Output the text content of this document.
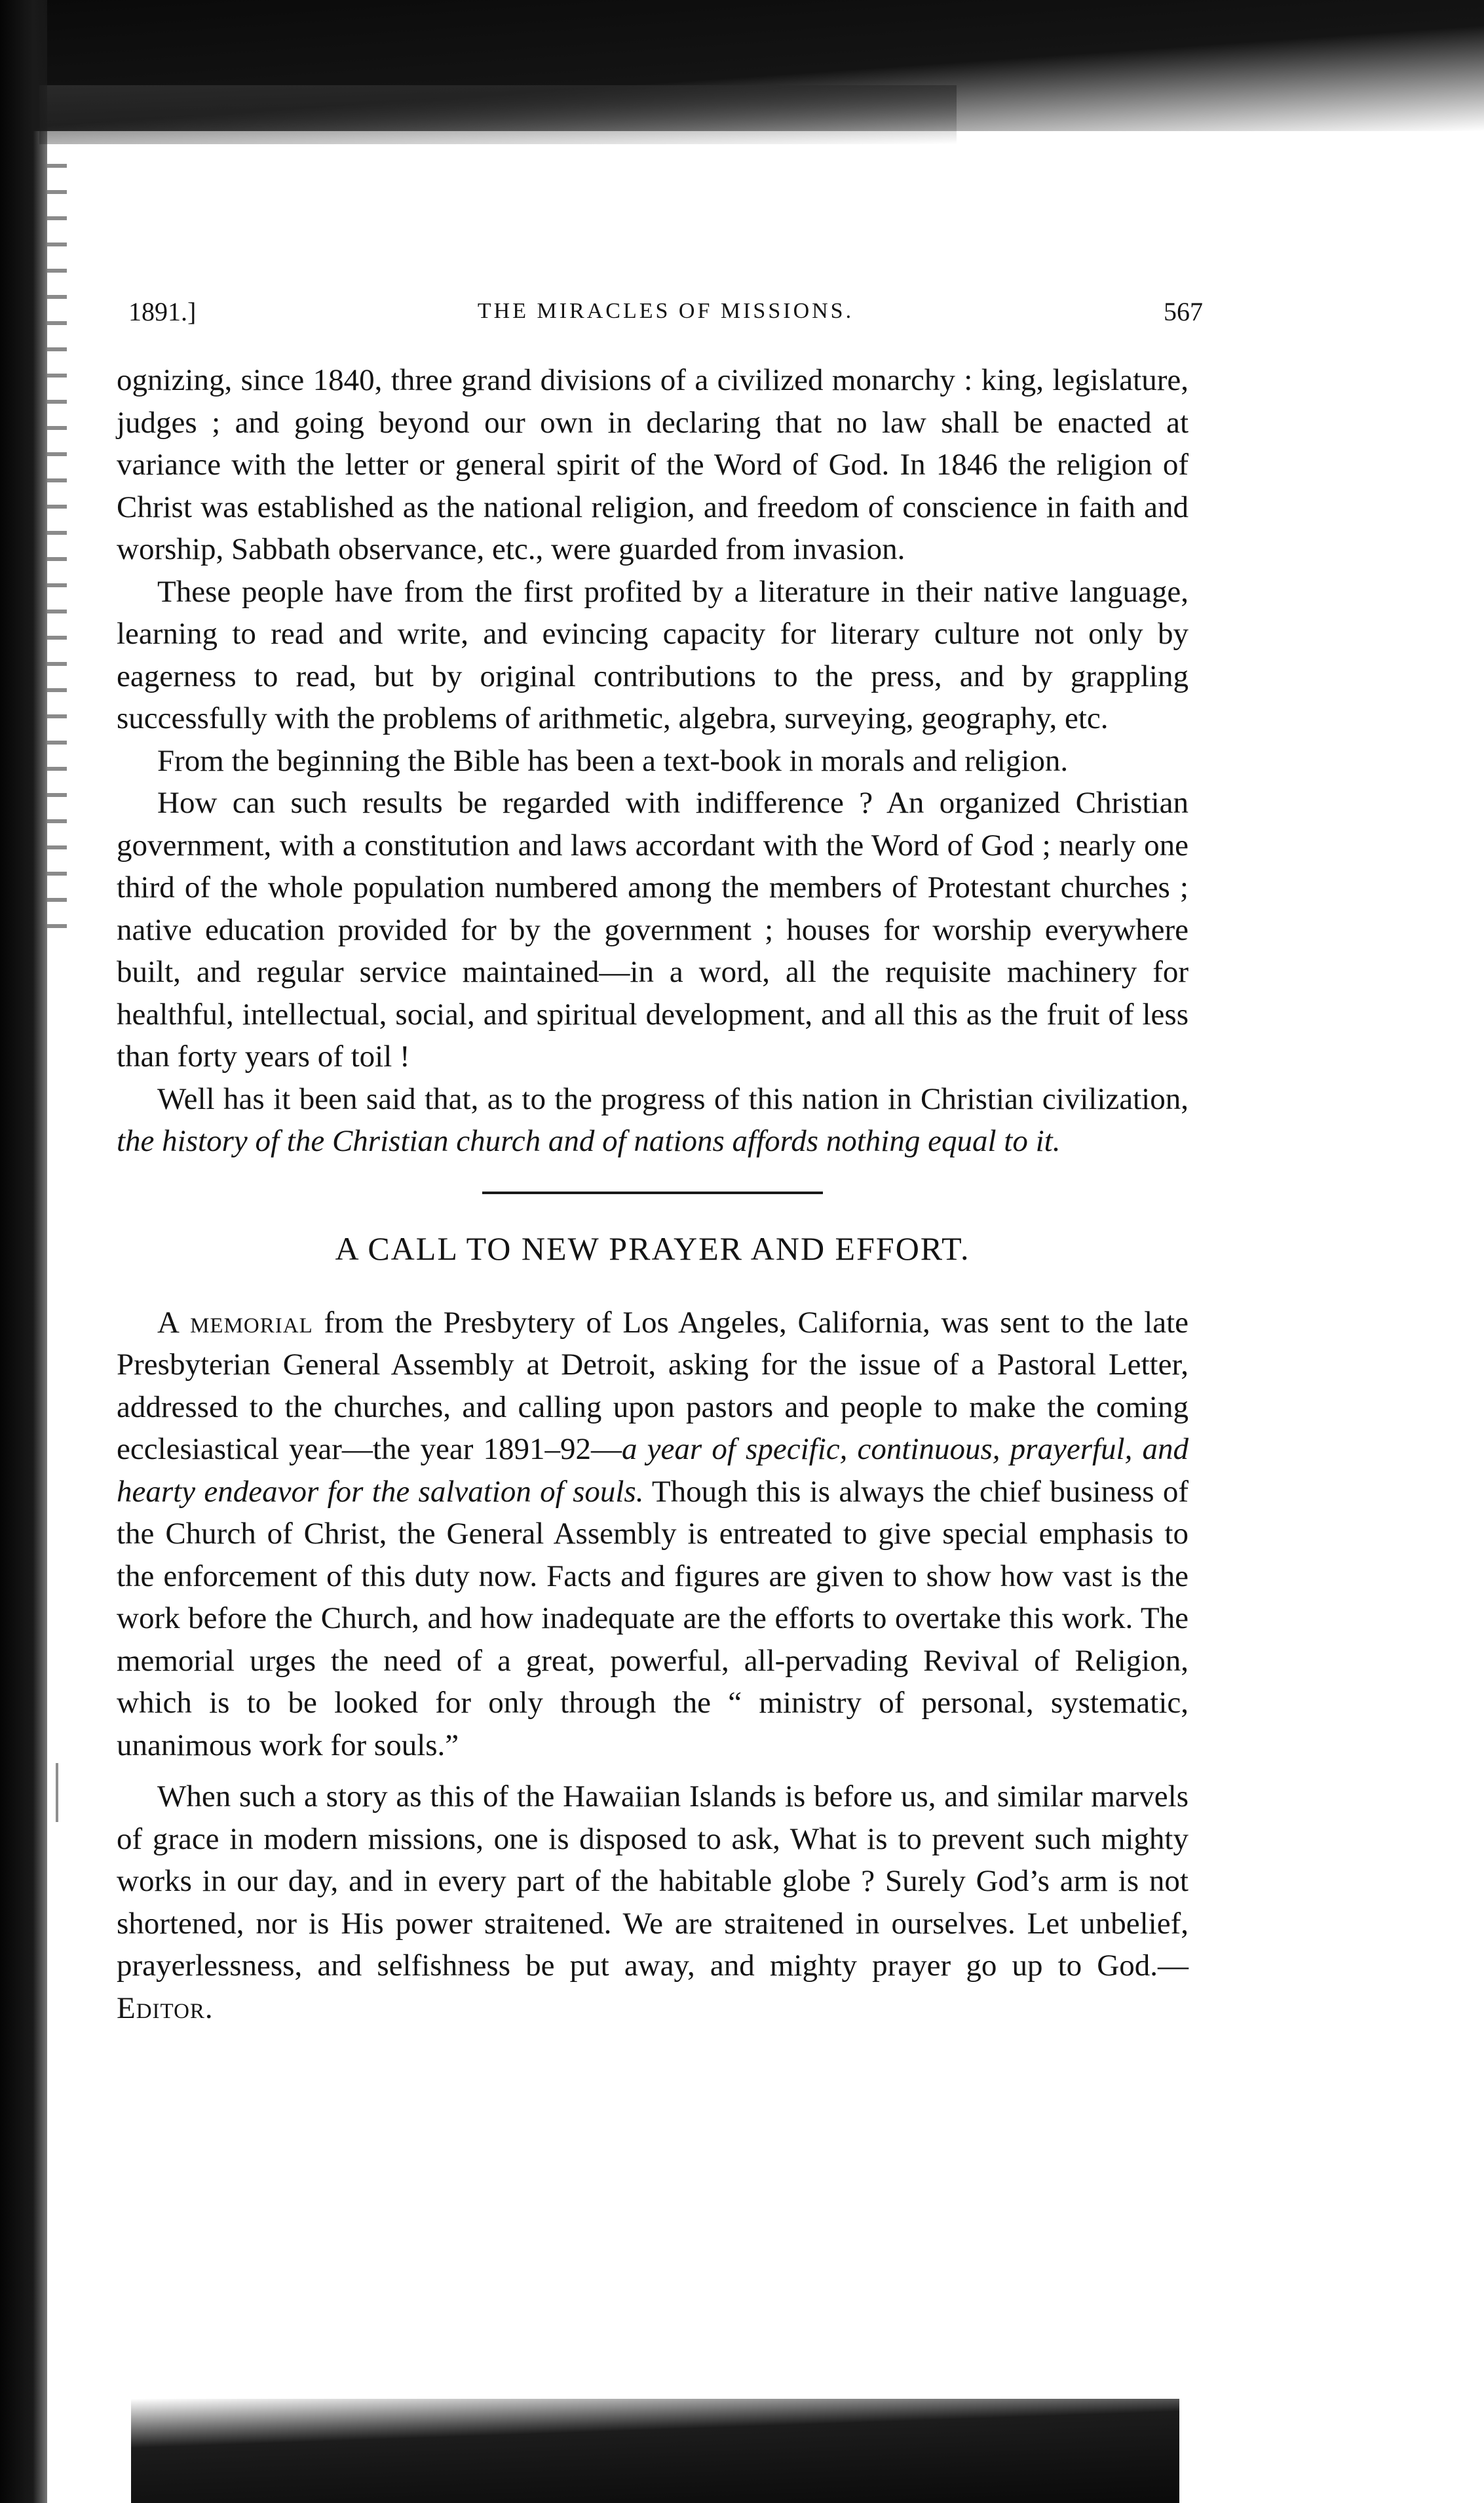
1891.]	THE MIRACLES OF MISSIONS.	567

ognizing, since 1840, three grand divisions of a civilized monarchy : king, legislature, judges ; and going beyond our own in declaring that no law shall be enacted at variance with the letter or general spirit of the Word of God. In 1846 the religion of Christ was established as the national religion, and freedom of conscience in faith and worship, Sabbath observance, etc., were guarded from invasion.

These people have from the first profited by a literature in their native language, learning to read and write, and evincing capacity for literary culture not only by eagerness to read, but by original contributions to the press, and by grappling successfully with the problems of arithmetic, algebra, surveying, geography, etc.

From the beginning the Bible has been a text-book in morals and religion.

How can such results be regarded with indifference ? An organized Christian government, with a constitution and laws accordant with the Word of God ; nearly one third of the whole population numbered among the members of Protestant churches ; native education provided for by the government ; houses for worship everywhere built, and regular service maintained—in a word, all the requisite machinery for healthful, intellectual, social, and spiritual development, and all this as the fruit of less than forty years of toil !

Well has it been said that, as to the progress of this nation in Christian civilization, the history of the Christian church and of nations affords nothing equal to it.

A CALL TO NEW PRAYER AND EFFORT.

A memorial from the Presbytery of Los Angeles, California, was sent to the late Presbyterian General Assembly at Detroit, asking for the issue of a Pastoral Letter, addressed to the churches, and calling upon pastors and people to make the coming ecclesiastical year—the year 1891–92—a year of specific, continuous, prayerful, and hearty endeavor for the salvation of souls. Though this is always the chief business of the Church of Christ, the General Assembly is entreated to give special emphasis to the enforcement of this duty now. Facts and figures are given to show how vast is the work before the Church, and how inadequate are the efforts to overtake this work. The memorial urges the need of a great, powerful, all-pervading Revival of Religion, which is to be looked for only through the “ ministry of personal, systematic, unanimous work for souls.”

When such a story as this of the Hawaiian Islands is before us, and similar marvels of grace in modern missions, one is disposed to ask, What is to prevent such mighty works in our day, and in every part of the habitable globe ? Surely God’s arm is not shortened, nor is His power straitened. We are straitened in ourselves. Let unbelief, prayerlessness, and selfishness be put away, and mighty prayer go up to God.—Editor.
